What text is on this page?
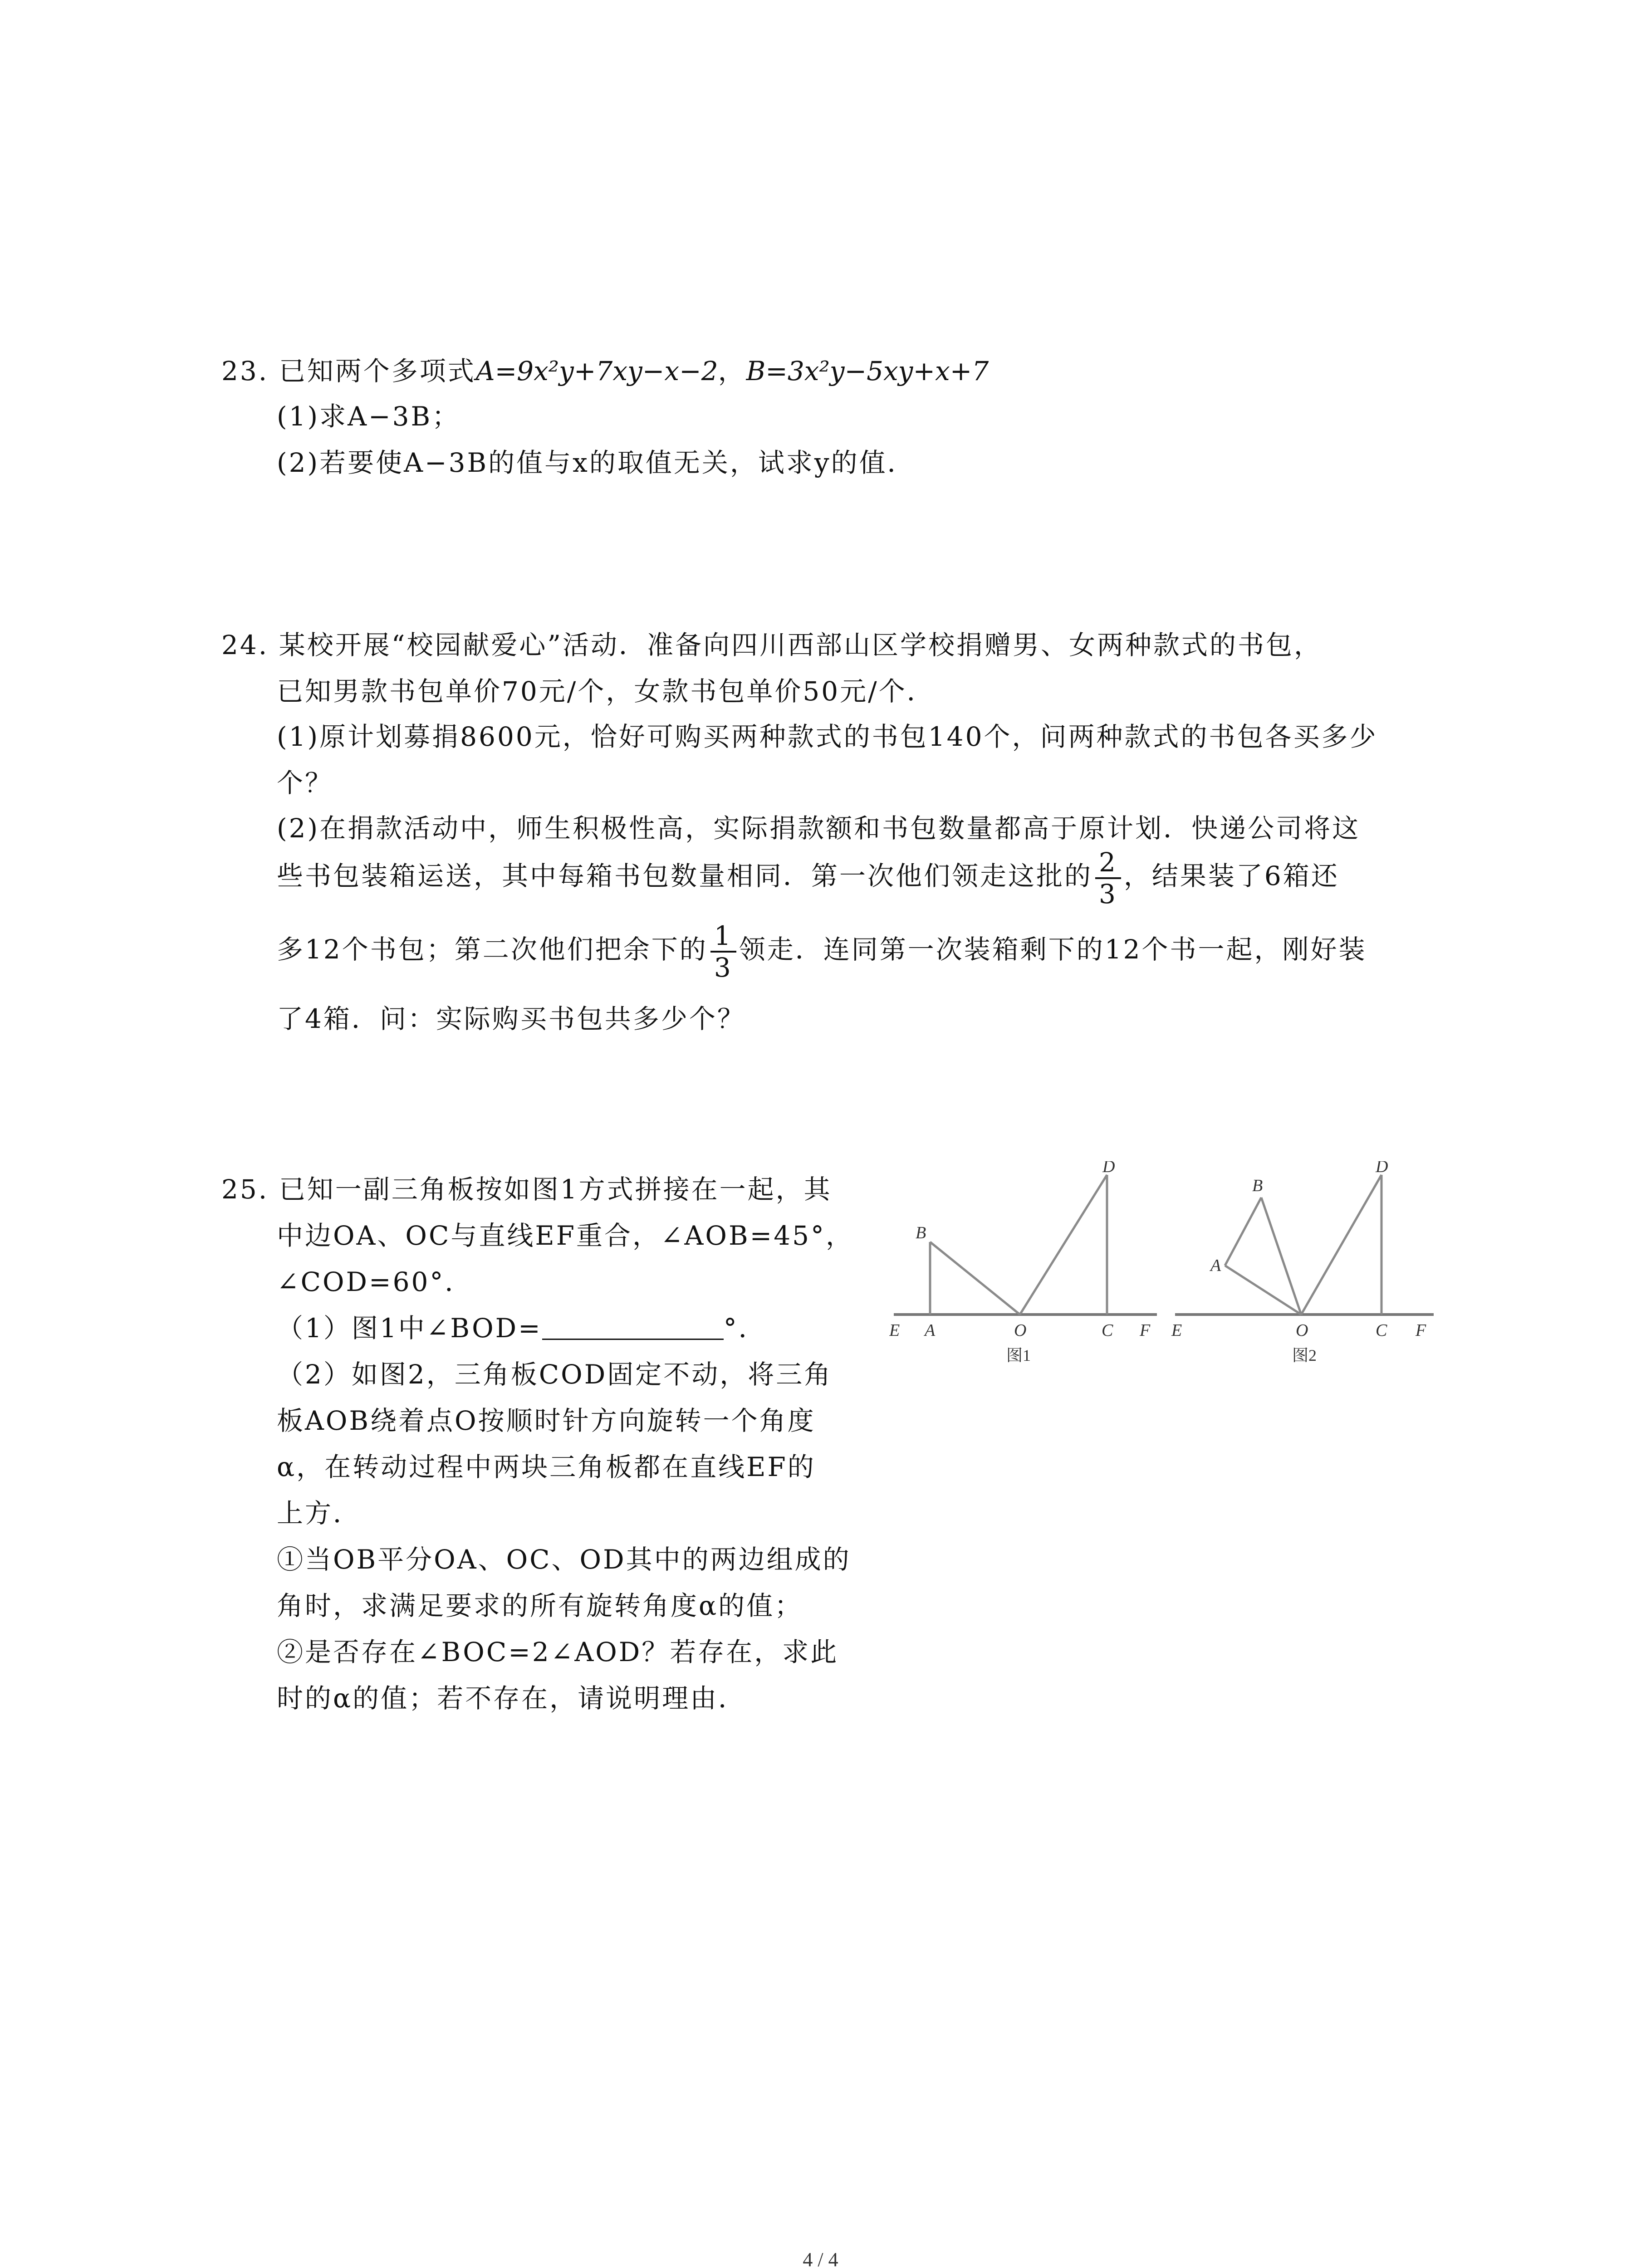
23. 已知两个多项式A=9x²y+7xy−x−2，B=3x²y−5xy+x+7
(1)求A−3B；
(2)若要使A−3B的值与x的取值无关，试求y的值．
24. 某校开展“校园献爱心”活动．准备向四川西部山区学校捐赠男、女两种款式的书包，
已知男款书包单价70元/个，女款书包单价50元/个．
(1)原计划募捐8600元，恰好可购买两种款式的书包140个，问两种款式的书包各买多少
个？
(2)在捐款活动中，师生积极性高，实际捐款额和书包数量都高于原计划．快递公司将这
些书包装箱运送，其中每箱书包数量相同．第一次他们领走这批的 $\frac{2}{3}$ ，结果装了6箱还
多12个书包；第二次他们把余下的 $\frac{1}{3}$ 领走．连同第一次装箱剩下的12个书一起，刚好装
了4箱．问：实际购买书包共多少个？
25. 已知一副三角板按如图1方式拼接在一起，其
中边OA、OC与直线EF重合，∠AOB=45°，
∠COD=60°．
（1）图1中∠BOD=	°．
（2）如图2，三角板COD固定不动，将三角
板AOB绕着点O按顺时针方向旋转一个角度
α，在转动过程中两块三角板都在直线EF的
上方．
①当OB平分OA、OC、OD其中的两边组成的
角时，求满足要求的所有旋转角度α的值；
②是否存在∠BOC=2∠AOD？若存在，求此
时的α的值；若不存在，请说明理由．
E A	O	C F
B
D
图1
E	O	C F
A
B
D
图2
4 / 4
